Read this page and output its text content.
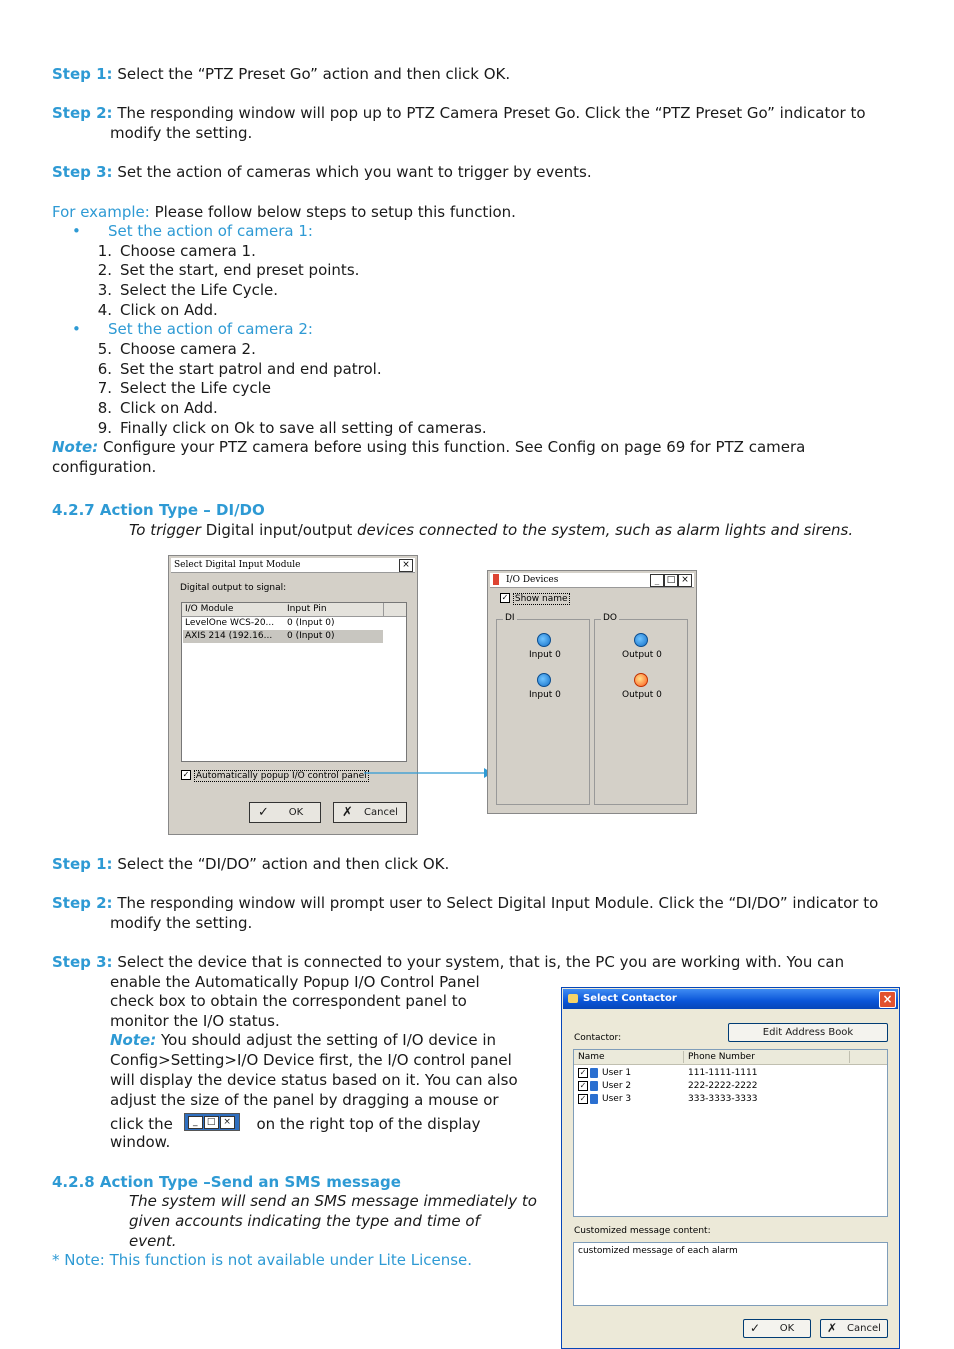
Step 1: Select the “PTZ Preset Go” action and then click OK.
Step 2: The responding window will pop up to PTZ Camera Preset Go. Click the “PTZ Preset Go” indicator to
modify the setting.
Step 3: Set the action of cameras which you want to trigger by events.
For example: Please follow below steps to setup this function.
• Set the action of camera 1:
• Set the action of camera 2:
1. Choose camera 1.
2. Set the start, end preset points.
3. Select the Life Cycle.
4. Click on Add.
5. Choose camera 2.
6. Set the start patrol and end patrol.
7. Select the Life cycle
8. Click on Add.
9. Finally click on Ok to save all setting of cameras.
Note: Configure your PTZ camera before using this function. See Config on page 69 for PTZ camera
configuration.
4.2.7 Action Type – DI/DO
To trigger Digital input/output devices connected to the system, such as alarm lights and sirens.
Select Digital Input Module	×
Digital output to signal:
I/O Module	Input Pin
LevelOne WCS-20... 0 (Input 0)
AXIS 214 (192.16... 0 (Input 0)
✓ Automatically popup I/O control panel
✓ OK	✗ Cancel
I/O Devices	_ □ ×
✓ Show name
DI
Input 0
Input 0
DO
Output 0
Output 0
Step 1: Select the “DI/DO” action and then click OK.
Step 2: The responding window will prompt user to Select Digital Input Module. Click the “DI/DO” indicator to
modify the setting.
Step 3: Select the device that is connected to your system, that is, the PC you are working with. You can
enable the Automatically Popup I/O Control Panel
check box to obtain the correspondent panel to
monitor the I/O status.
Note: You should adjust the setting of I/O device in
Config>Setting>I/O Device first, the I/O control panel
will display the device status based on it. You can also
adjust the size of the panel by dragging a mouse or
click the	_	□ × on the right top of the display
window.
4.2.8 Action Type –Send an SMS message
The system will send an SMS message immediately to
given accounts indicating the type and time of
event.
* Note: This function is not available under Lite License.
Select Contactor	×
Contactor:	Edit Address Book
Name	Phone Number
✓ User 1	111-1111-1111
✓ User 2	222-2222-2222
✓ User 3	333-3333-3333
Customized message content:
customized message of each alarm
✓ OK	✗ Cancel
